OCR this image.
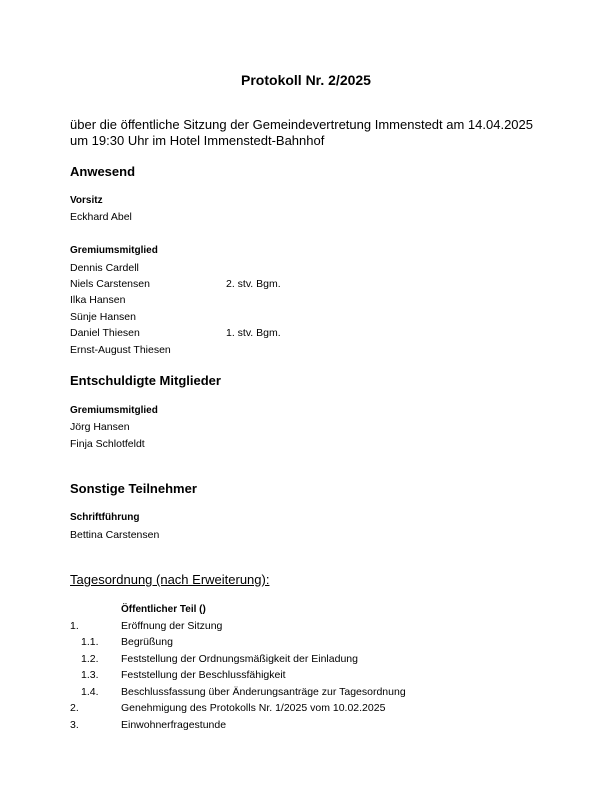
Protokoll Nr. 2/2025
über die öffentliche Sitzung der Gemeindevertretung Immenstedt am 14.04.2025 um 19:30 Uhr im Hotel Immenstedt-Bahnhof
Anwesend
Vorsitz
Eckhard Abel
Gremiumsmitglied
Dennis Cardell
Niels Carstensen	2. stv. Bgm.
Ilka Hansen
Sünje Hansen
Daniel Thiesen	1. stv. Bgm.
Ernst-August Thiesen
Entschuldigte Mitglieder
Gremiumsmitglied
Jörg Hansen
Finja Schlotfeldt
Sonstige Teilnehmer
Schriftführung
Bettina Carstensen
Tagesordnung (nach Erweiterung):
Öffentlicher Teil ()
1.	Eröffnung der Sitzung
1.1. Begrüßung
1.2. Feststellung der Ordnungsmäßigkeit der Einladung
1.3. Feststellung der Beschlussfähigkeit
1.4. Beschlussfassung über Änderungsanträge zur Tagesordnung
2.	Genehmigung des Protokolls Nr. 1/2025 vom 10.02.2025
3.	Einwohnerfragestunde
